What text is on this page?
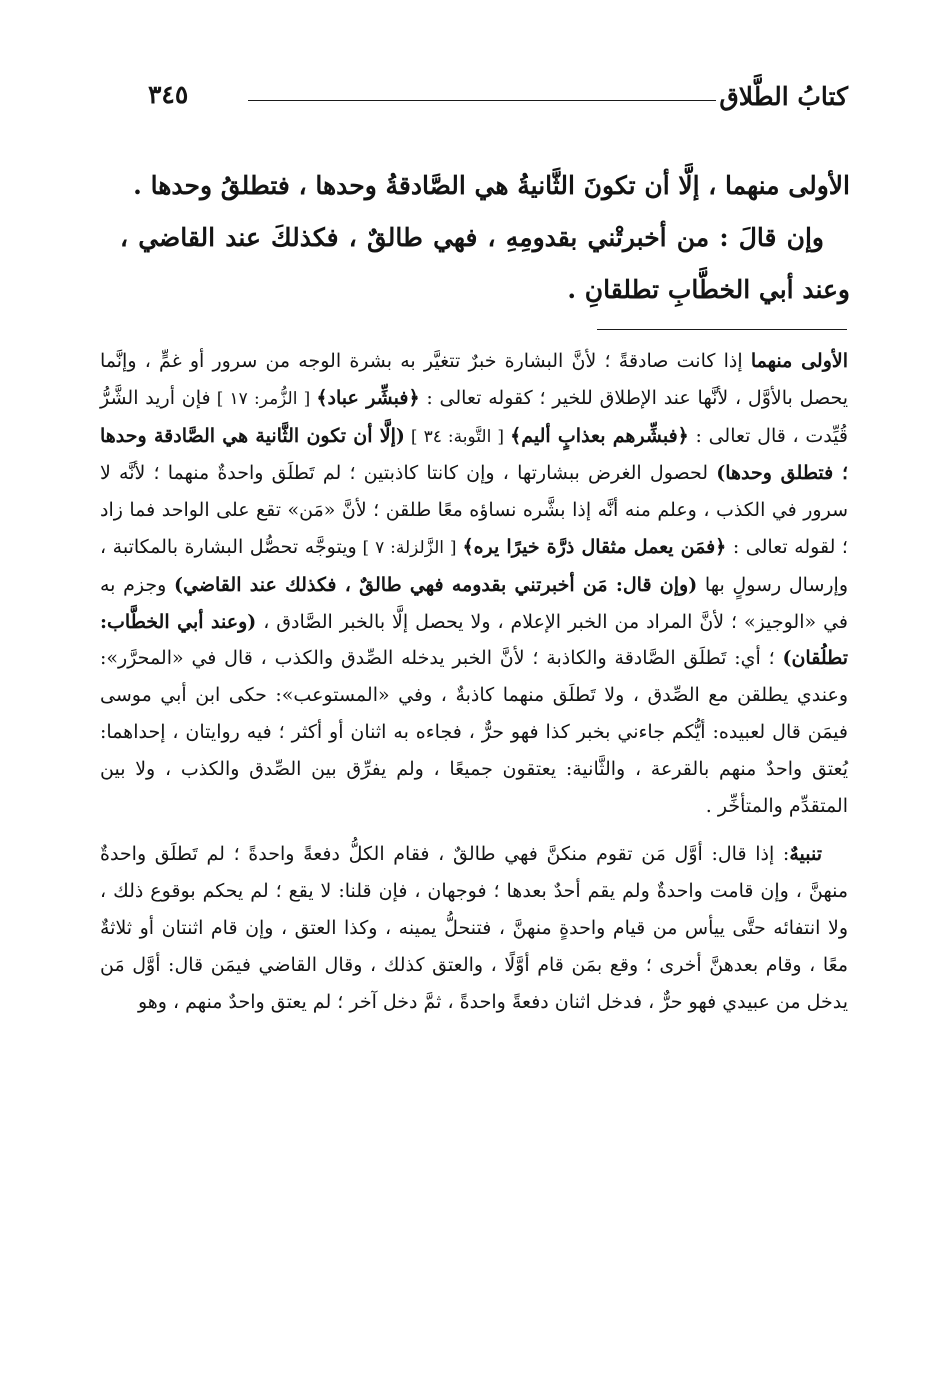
كتابُ الطَّلاق
٣٤٥

الأولى منهما ، إلَّا أن تكونَ الثَّانيةُ هي الصَّادقةُ وحدها ، فتطلقُ وحدها .

وإن قالَ : من أخبرتْني بقدومِهِ ، فهي طالقٌ ، فكذلكَ عند القاضي ، وعند أبي الخطَّابِ تطلقانِ .

الأولى منهما إذا كانت صادقةً ؛ لأنَّ البشارة خبرٌ تتغيَّر به بشرة الوجه من سرور أو غمٍّ ، وإنَّما يحصل بالأوَّل ، لأنَّها عند الإطلاق للخير ؛ كقوله تعالى : ﴿فبشِّر عباد﴾ [ الزُّمر: ١٧ ] فإن أريد الشَّرُّ قُيِّدت ، قال تعالى : ﴿فبشِّرهم بعذابٍ أليم﴾ [ التَّوبة: ٣٤ ] (إلَّا أن تكون الثَّانية هي الصَّادقة وحدها ؛ فتطلق وحدها) لحصول الغرض ببشارتها ، وإن كانتا كاذبتين ؛ لم تَطلَق واحدةٌ منهما ؛ لأنَّه لا سرور في الكذب ، وعلم منه أنَّه إذا بشَّره نساؤه معًا طلقن ؛ لأنَّ «مَن» تقع على الواحد فما زاد ؛ لقوله تعالى : ﴿فمَن يعمل مثقال ذرَّة خيرًا يره﴾ [ الزَّلزلة: ٧ ] ويتوجَّه تحصُّل البشارة بالمكاتبة ، وإرسال رسولٍ بها (وإن قال: مَن أخبرتني بقدومه فهي طالقٌ ، فكذلك عند القاضي) وجزم به في «الوجيز» ؛ لأنَّ المراد من الخبر الإعلام ، ولا يحصل إلَّا بالخبر الصَّادق ، (وعند أبي الخطَّاب: تطلُقان) ؛ أي: تَطلَق الصَّادقة والكاذبة ؛ لأنَّ الخبر يدخله الصِّدق والكذب ، قال في «المحرَّر»: وعندي يطلقن مع الصِّدق ، ولا تَطلَق منهما كاذبةٌ ، وفي «المستوعب»: حكى ابن أبي موسى فيمَن قال لعبيده: أيُّكم جاءني بخبر كذا فهو حرٌّ ، فجاءه به اثنان أو أكثر ؛ فيه روايتان ، إحداهما: يُعتق واحدٌ منهم بالقرعة ، والثَّانية: يعتقون جميعًا ، ولم يفرِّق بين الصِّدق والكذب ، ولا بين المتقدِّم والمتأخِّر .

تنبيهٌ: إذا قال: أوَّل مَن تقوم منكنَّ فهي طالقٌ ، فقام الكلُّ دفعةً واحدةً ؛ لم تَطلَق واحدةٌ منهنَّ ، وإن قامت واحدةٌ ولم يقم أحدٌ بعدها ؛ فوجهان ، فإن قلنا: لا يقع ؛ لم يحكم بوقوع ذلك ، ولا انتفائه حتَّى ييأس من قيام واحدةٍ منهنَّ ، فتنحلُّ يمينه ، وكذا العتق ، وإن قام اثنتان أو ثلاثةٌ معًا ، وقام بعدهنَّ أخرى ؛ وقع بمَن قام أوَّلًا ، والعتق كذلك ، وقال القاضي فيمَن قال: أوَّل مَن يدخل من عبيدي فهو حرٌّ ، فدخل اثنان دفعةً واحدةً ، ثمَّ دخل آخر ؛ لم يعتق واحدٌ منهم ، وهو
